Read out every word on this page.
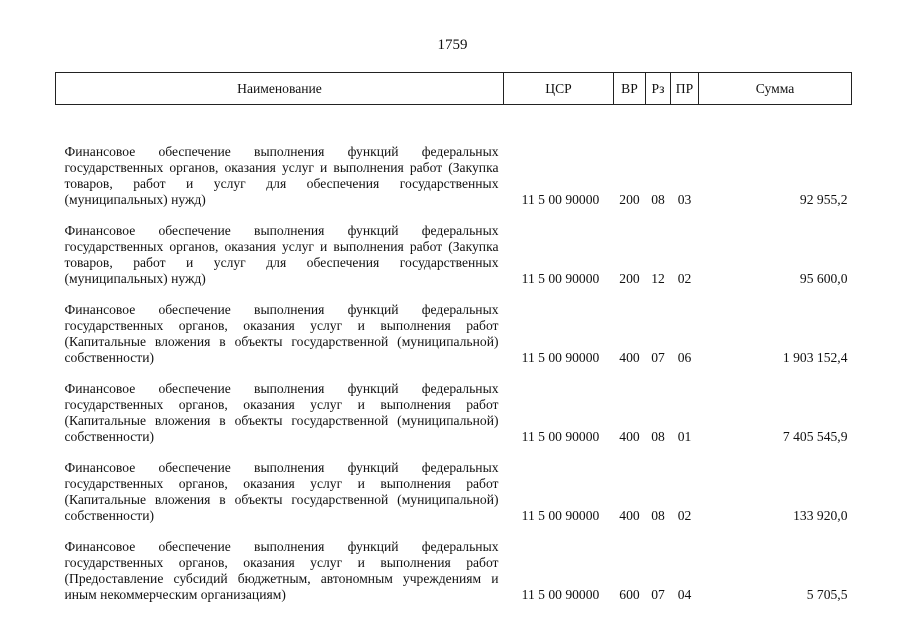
1759
Наименование	ЦСР	ВР	Рз	ПР	Сумма
Финансовое обеспечение выполнения функций федеральных государственных органов, оказания услуг и выполнения работ (Закупка товаров, работ и услуг для обеспечения государственных (муниципальных) нужд)	11 5 00 90000	200	08	03	92 955,2
Финансовое обеспечение выполнения функций федеральных государственных органов, оказания услуг и выполнения работ (Закупка товаров, работ и услуг для обеспечения государственных (муниципальных) нужд)	11 5 00 90000	200	12	02	95 600,0
Финансовое обеспечение выполнения функций федеральных государственных органов, оказания услуг и выполнения работ (Капитальные вложения в объекты государственной (муниципальной) собственности)	11 5 00 90000	400	07	06	1 903 152,4
Финансовое обеспечение выполнения функций федеральных государственных органов, оказания услуг и выполнения работ (Капитальные вложения в объекты государственной (муниципальной) собственности)	11 5 00 90000	400	08	01	7 405 545,9
Финансовое обеспечение выполнения функций федеральных государственных органов, оказания услуг и выполнения работ (Капитальные вложения в объекты государственной (муниципальной) собственности)	11 5 00 90000	400	08	02	133 920,0
Финансовое обеспечение выполнения функций федеральных государственных органов, оказания услуг и выполнения работ (Предоставление субсидий бюджетным, автономным учреждениям и иным некоммерческим организациям)	11 5 00 90000	600	07	04	5 705,5
